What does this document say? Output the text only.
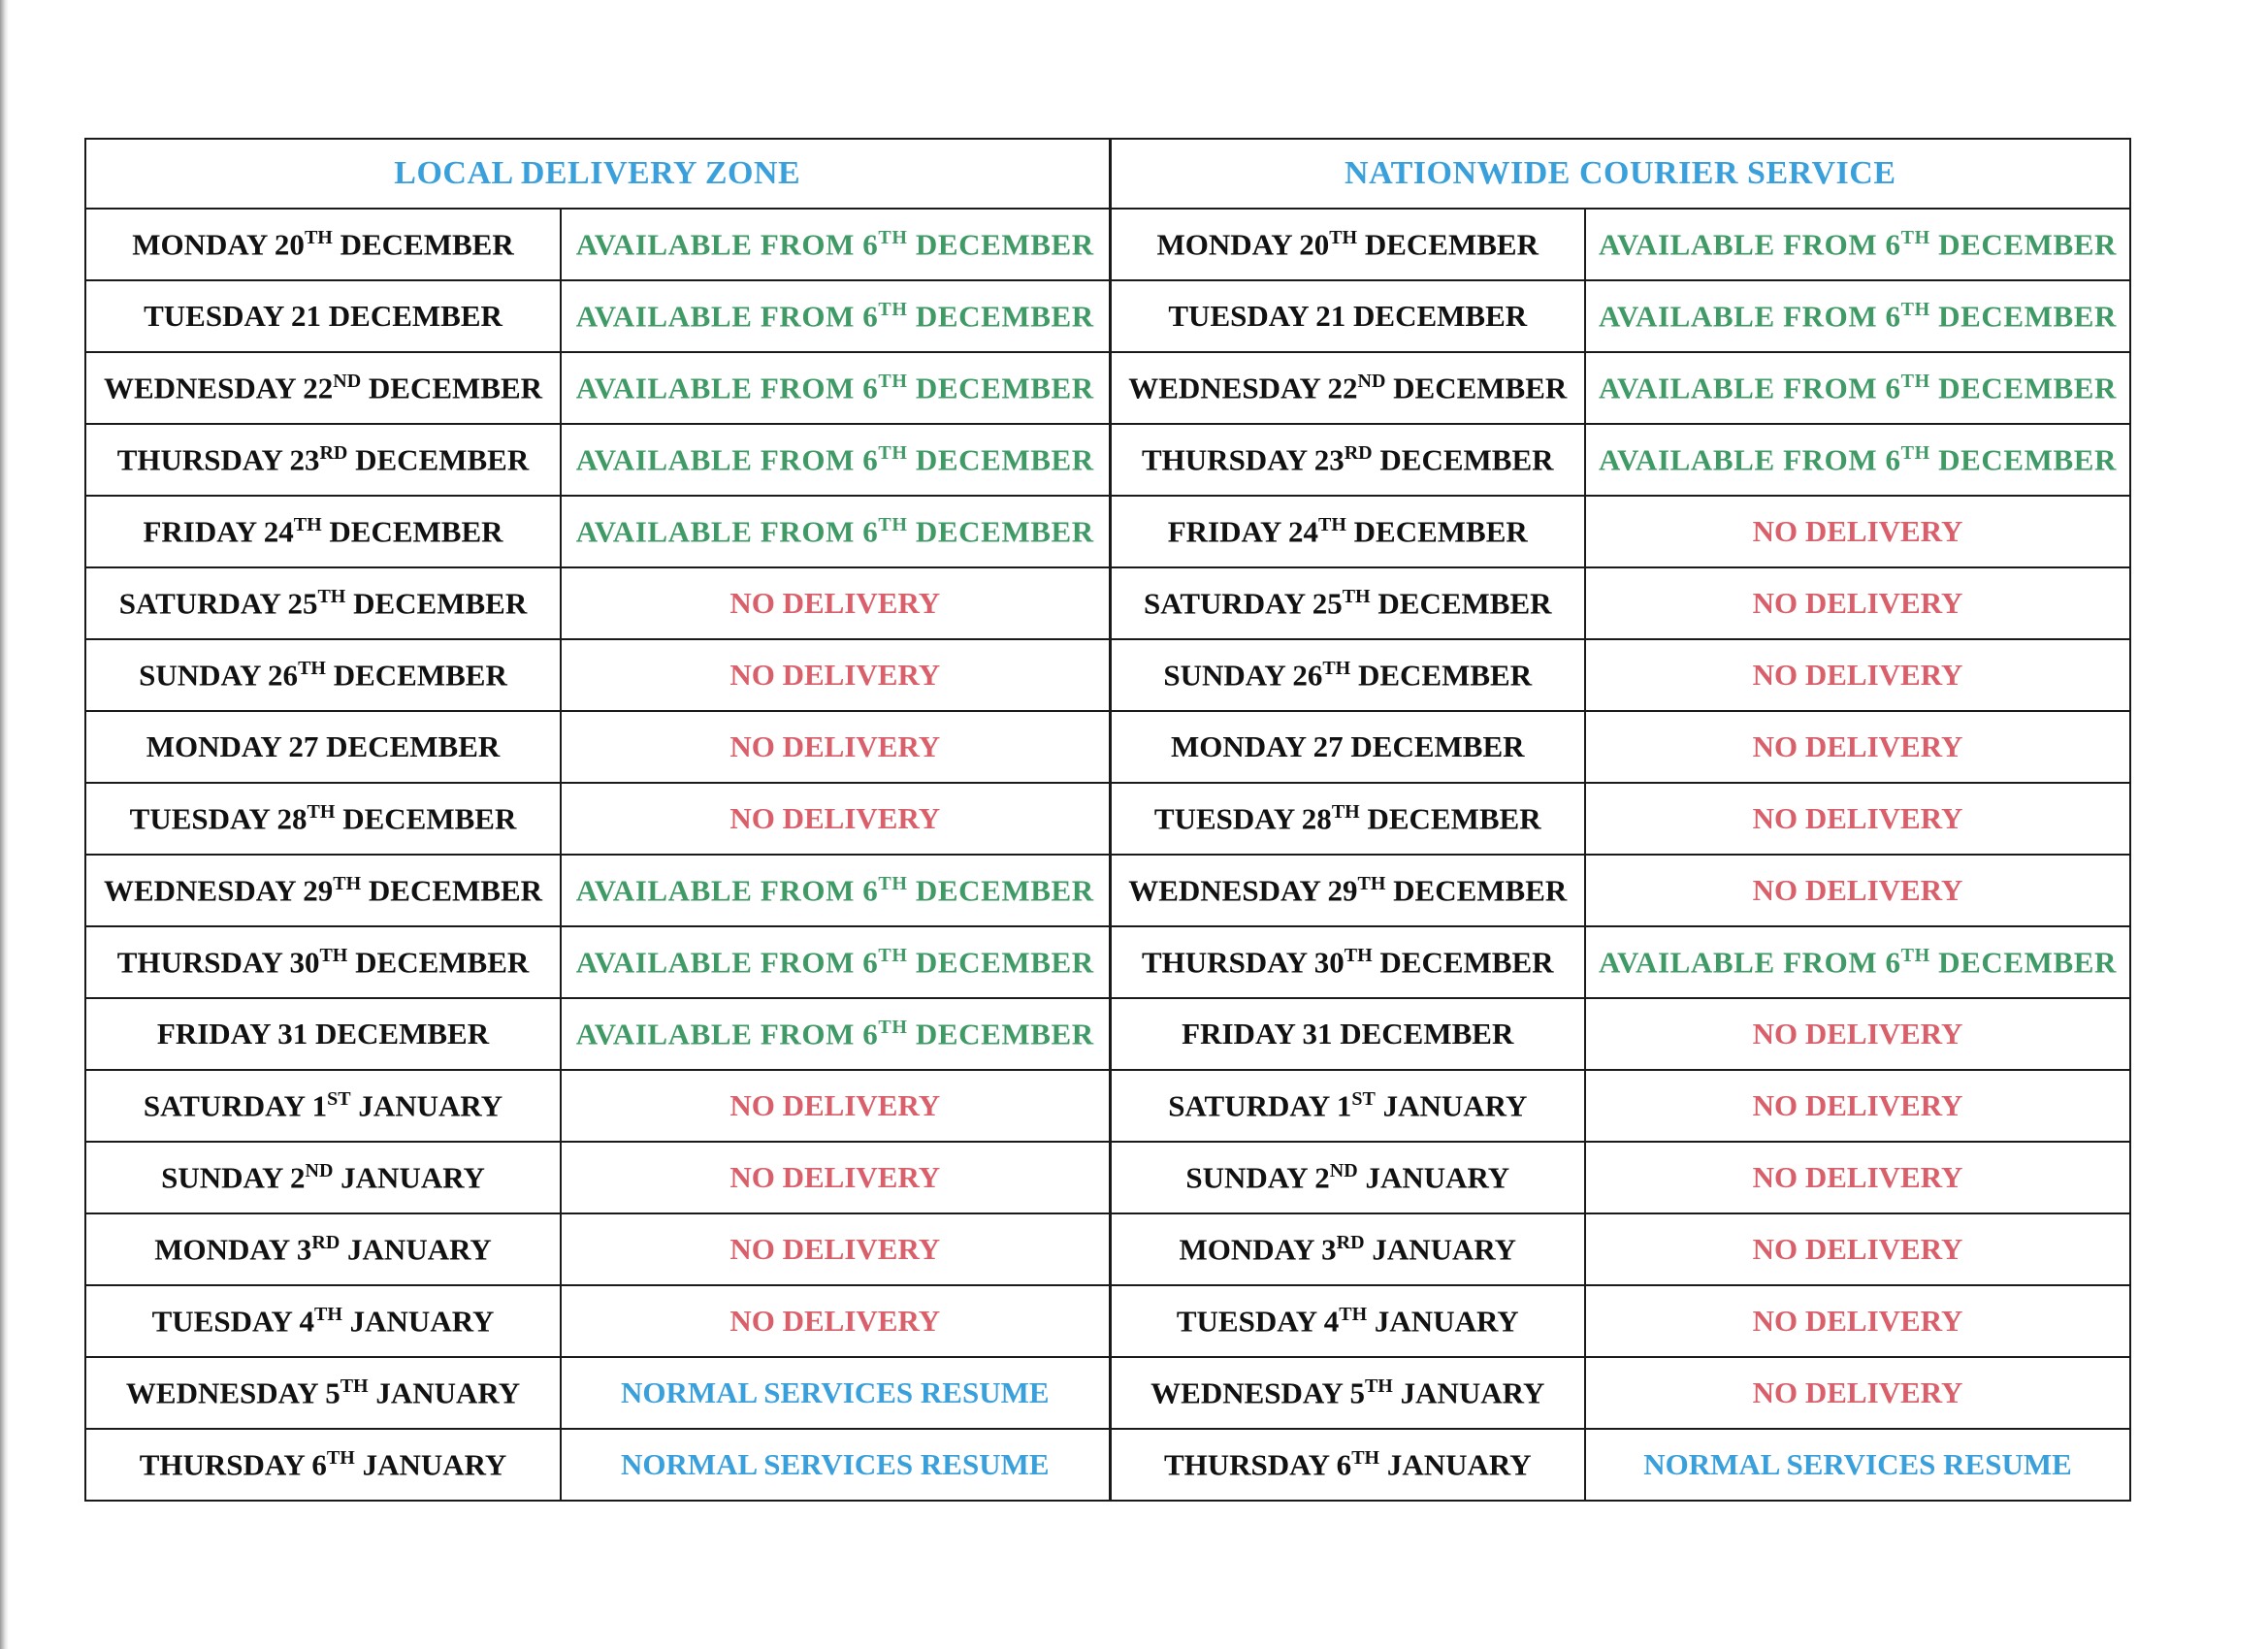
LOCAL DELIVERY ZONE		NATIONWIDE COURIER SERVICE	
MONDAY 20TH DECEMBER	AVAILABLE FROM 6TH DECEMBER	MONDAY 20TH DECEMBER	AVAILABLE FROM 6TH DECEMBER
TUESDAY 21 DECEMBER	AVAILABLE FROM 6TH DECEMBER	TUESDAY 21 DECEMBER	AVAILABLE FROM 6TH DECEMBER
WEDNESDAY 22ND DECEMBER	AVAILABLE FROM 6TH DECEMBER	WEDNESDAY 22ND DECEMBER	AVAILABLE FROM 6TH DECEMBER
THURSDAY 23RD DECEMBER	AVAILABLE FROM 6TH DECEMBER	THURSDAY 23RD DECEMBER	AVAILABLE FROM 6TH DECEMBER
FRIDAY 24TH DECEMBER	AVAILABLE FROM 6TH DECEMBER	FRIDAY 24TH DECEMBER	NO DELIVERY
SATURDAY 25TH DECEMBER	NO DELIVERY	SATURDAY 25TH DECEMBER	NO DELIVERY
SUNDAY 26TH DECEMBER	NO DELIVERY	SUNDAY 26TH DECEMBER	NO DELIVERY
MONDAY 27 DECEMBER	NO DELIVERY	MONDAY 27 DECEMBER	NO DELIVERY
TUESDAY 28TH DECEMBER	NO DELIVERY	TUESDAY 28TH DECEMBER	NO DELIVERY
WEDNESDAY 29TH DECEMBER	AVAILABLE FROM 6TH DECEMBER	WEDNESDAY 29TH DECEMBER	NO DELIVERY
THURSDAY 30TH DECEMBER	AVAILABLE FROM 6TH DECEMBER	THURSDAY 30TH DECEMBER	AVAILABLE FROM 6TH DECEMBER
FRIDAY 31 DECEMBER	AVAILABLE FROM 6TH DECEMBER	FRIDAY 31 DECEMBER	NO DELIVERY
SATURDAY 1ST JANUARY	NO DELIVERY	SATURDAY 1ST JANUARY	NO DELIVERY
SUNDAY 2ND JANUARY	NO DELIVERY	SUNDAY 2ND JANUARY	NO DELIVERY
MONDAY 3RD JANUARY	NO DELIVERY	MONDAY 3RD JANUARY	NO DELIVERY
TUESDAY 4TH JANUARY	NO DELIVERY	TUESDAY 4TH JANUARY	NO DELIVERY
WEDNESDAY 5TH JANUARY	NORMAL SERVICES RESUME	WEDNESDAY 5TH JANUARY	NO DELIVERY
THURSDAY 6TH JANUARY	NORMAL SERVICES RESUME	THURSDAY 6TH JANUARY	NORMAL SERVICES RESUME
